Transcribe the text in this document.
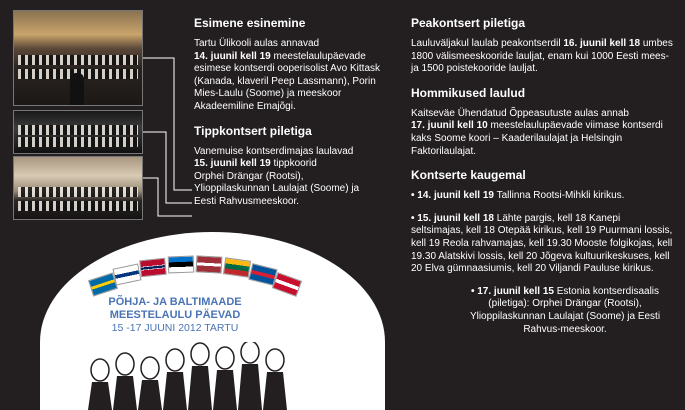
Esimene esinemine

Tartu Ülikooli aulas annavad
14. juunil kell 19 meestelaulupäevade esimese kontserdi ooperisolist Avo Kittask (Kanada, klaveril Peep Lassmann), Porin Mies-Laulu (Soome) ja meeskoor Akadeemiline Emajõgi.

Tippkontsert piletiga

Vanemuise kontserdimajas laulavad
15. juunil kell 19 tippkoorid
Orphei Drängar (Rootsi),
Ylioppilaskunnan Laulajat (Soome) ja
Eesti Rahvusmeeskoor.

Peakontsert piletiga

Lauluväljakul laulab peakontserdil 16. juunil kell 18 umbes 1800 välismeeskooride lauljat, enam kui 1000 Eesti mees- ja 1500 poistekooride lauljat.

Hommikused laulud

Kaitseväe Ühendatud Õppeasutuste aulas annab
17. juunil kell 10 meestelaulupäevade viimase kontserdi kaks Soome koori – Kaaderilaulajat ja Helsingin Faktorilaulajat.

Kontserte kaugemal

• 14. juunil kell 19 Tallinna Rootsi-Mihkli kirikus.

• 15. juunil kell 18 Lähte pargis, kell 18 Kanepi seltsimajas, kell 18 Otepää kirikus, kell 19 Puurmani lossis, kell 19 Reola rahvamajas, kell 19.30 Mooste folgikojas, kell 19.30 Alatskivi lossis, kell 20 Jõgeva kultuurikeskuses, kell 20 Elva gümnaasiumis, kell 20 Viljandi Pauluse kirikus.

• 17. juunil kell 15 Estonia kontserdisaalis (piletiga): Orphei Drängar (Rootsi), Ylioppilaskunnan Laulajat (Soome) ja Eesti Rahvus-meeskoor.

PÕHJA- JA BALTIMAADE
MEESTELAULU PÄEVAD
15 -17 JUUNI 2012 TARTU
